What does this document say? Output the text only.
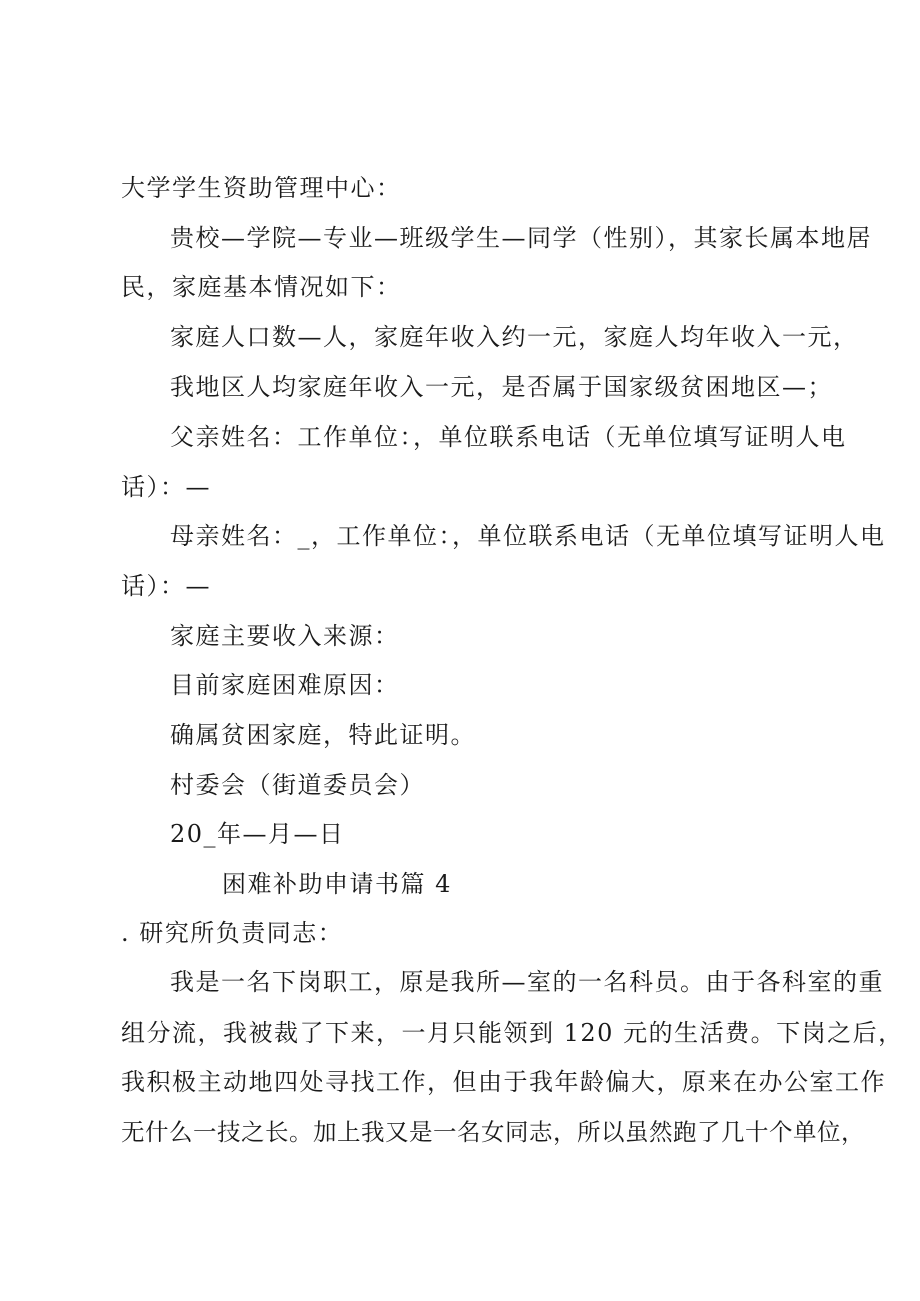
大学学生资助管理中心：
贵校—学院—专业—班级学生—同学（性别），其家长属本地居
民，家庭基本情况如下：
家庭人口数—人，家庭年收入约一元，家庭人均年收入一元，
我地区人均家庭年收入一元，是否属于国家级贫困地区—；
父亲姓名：工作单位：，单位联系电话（无单位填写证明人电
话）：—
母亲姓名：_，工作单位：，单位联系电话（无单位填写证明人电
话）：—
家庭主要收入来源：
目前家庭困难原因：
确属贫困家庭，特此证明。
村委会（街道委员会）
20_年—月—日
困难补助申请书篇 4
. 研究所负责同志：
我是一名下岗职工，原是我所—室的一名科员。由于各科室的重
组分流，我被裁了下来，一月只能领到 120 元的生活费。下岗之后，
我积极主动地四处寻找工作，但由于我年龄偏大，原来在办公室工作
无什么一技之长。加上我又是一名女同志，所以虽然跑了几十个单位，
